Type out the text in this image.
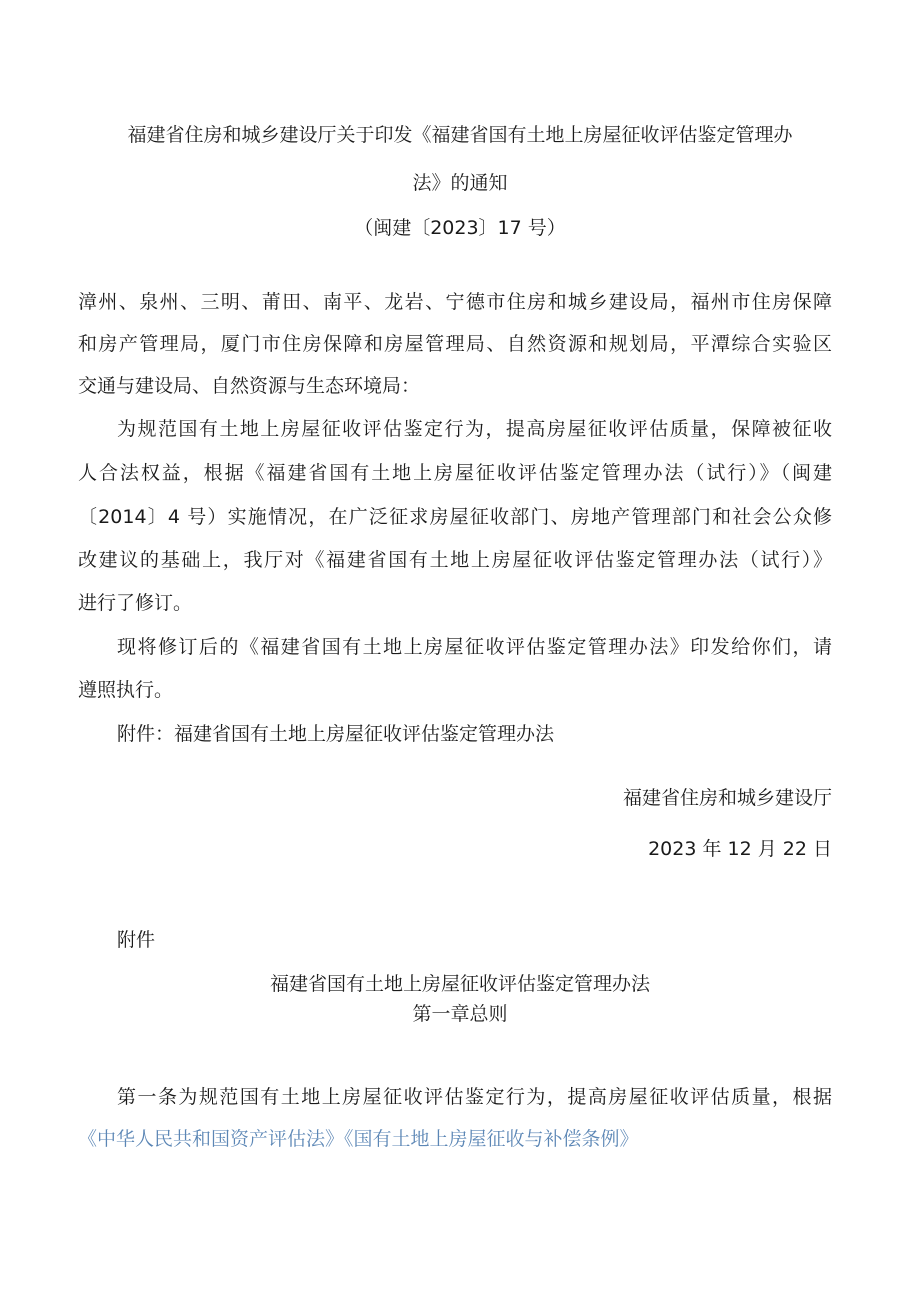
福建省住房和城乡建设厅关于印发《福建省国有土地上房屋征收评估鉴定管理办
法》的通知
（闽建〔2023〕17 号）
漳州、泉州、三明、莆田、南平、龙岩、宁德市住房和城乡建设局，福州市住房保障
和房产管理局，厦门市住房保障和房屋管理局、自然资源和规划局，平潭综合实验区
交通与建设局、自然资源与生态环境局：
为规范国有土地上房屋征收评估鉴定行为，提高房屋征收评估质量，保障被征收
人合法权益，根据《福建省国有土地上房屋征收评估鉴定管理办法（试行）》（闽建
〔2014〕4 号）实施情况，在广泛征求房屋征收部门、房地产管理部门和社会公众修
改建议的基础上，我厅对《福建省国有土地上房屋征收评估鉴定管理办法（试行）》
进行了修订。
现将修订后的《福建省国有土地上房屋征收评估鉴定管理办法》印发给你们，请
遵照执行。
附件：福建省国有土地上房屋征收评估鉴定管理办法
福建省住房和城乡建设厅
2023 年 12 月 22 日
附件
福建省国有土地上房屋征收评估鉴定管理办法
第一章总则
第一条为规范国有土地上房屋征收评估鉴定行为，提高房屋征收评估质量，根据
《中华人民共和国资产评估法》《国有土地上房屋征收与补偿条例》
